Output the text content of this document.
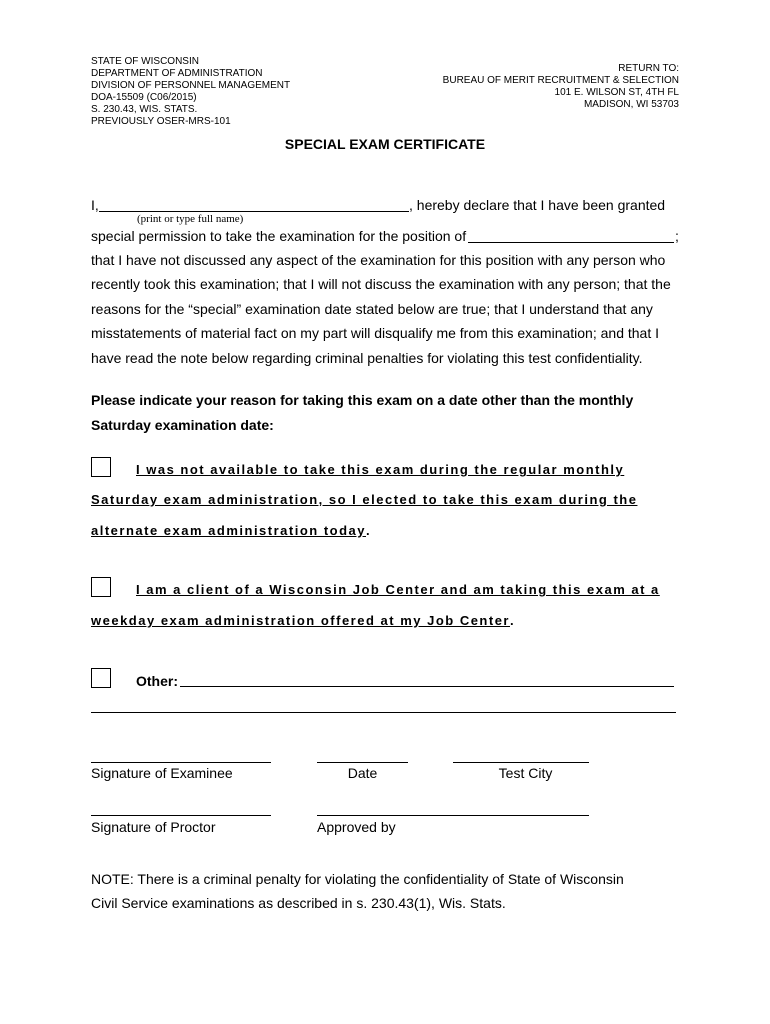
STATE OF WISCONSIN
DEPARTMENT OF ADMINISTRATION
DIVISION OF PERSONNEL MANAGEMENT
DOA-15509 (C06/2015)
S. 230.43, WIS. STATS.
PREVIOUSLY OSER-MRS-101
RETURN TO:
BUREAU OF MERIT RECRUITMENT & SELECTION
101 E. WILSON ST, 4TH FL
MADISON, WI 53703
SPECIAL EXAM CERTIFICATE
I,	, hereby declare that I have been granted
(print or type full name)
special permission to take the examination for the position of	;
that I have not discussed any aspect of the examination for this position with any person who
recently took this examination; that I will not discuss the examination with any person; that the
reasons for the “special” examination date stated below are true; that I understand that any
misstatements of material fact on my part will disqualify me from this examination; and that I
have read the note below regarding criminal penalties for violating this test confidentiality.
Please indicate your reason for taking this exam on a date other than the monthly
Saturday examination date:
I was not available to take this exam during the regular monthly
Saturday exam administration, so I elected to take this exam during the
alternate exam administration today.
I am a client of a Wisconsin Job Center and am taking this exam at a
weekday exam administration offered at my Job Center.
Other:
Signature of Examinee	Date	Test City
Signature of Proctor	Approved by
NOTE: There is a criminal penalty for violating the confidentiality of State of Wisconsin
Civil Service examinations as described in s. 230.43(1), Wis. Stats.
